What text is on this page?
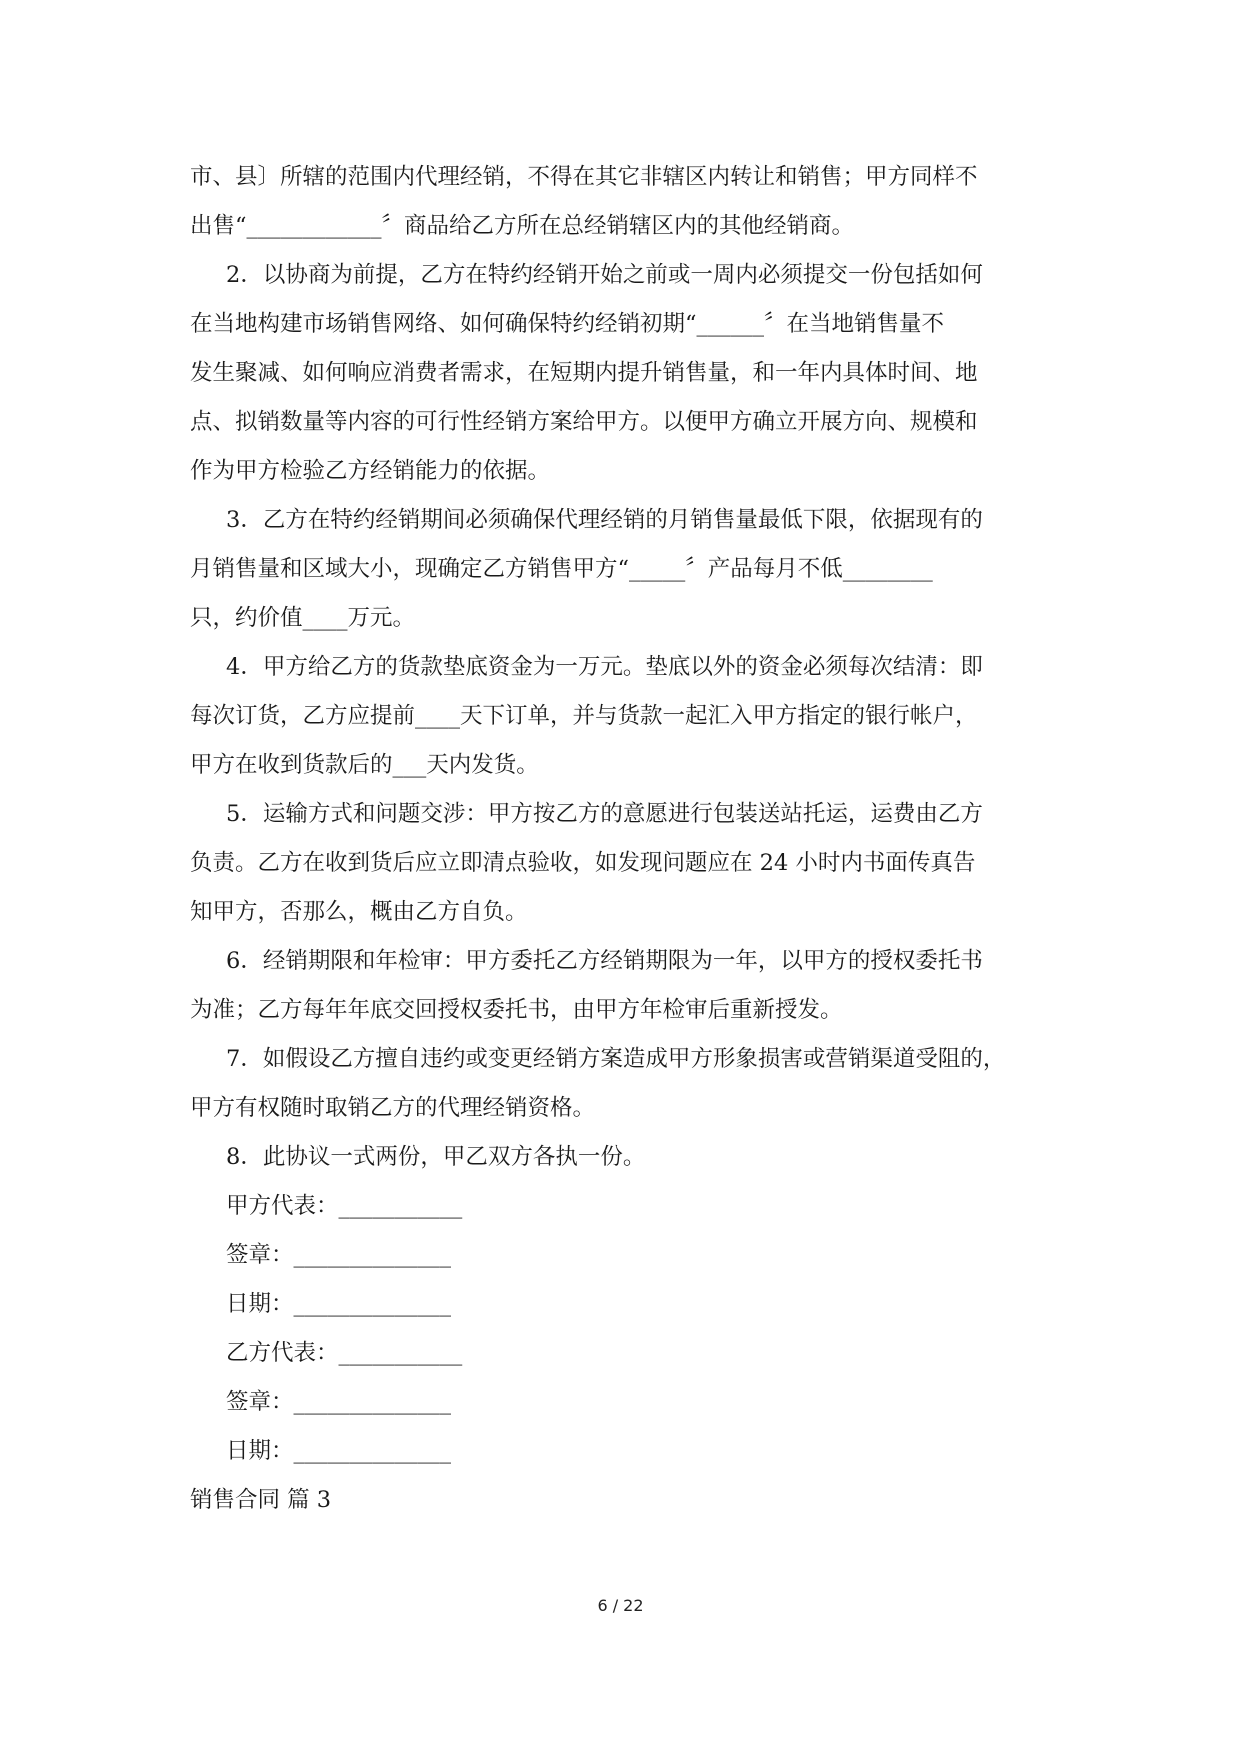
市、县〕所辖的范围内代理经销，不得在其它非辖区内转让和销售；甲方同样不
出售“____________〞商品给乙方所在总经销辖区内的其他经销商。
2．以协商为前提，乙方在特约经销开始之前或一周内必须提交一份包括如何
在当地构建市场销售网络、如何确保特约经销初期“______〞在当地销售量不
发生聚减、如何响应消费者需求，在短期内提升销售量，和一年内具体时间、地
点、拟销数量等内容的可行性经销方案给甲方。以便甲方确立开展方向、规模和
作为甲方检验乙方经销能力的依据。
3．乙方在特约经销期间必须确保代理经销的月销售量最低下限，依据现有的
月销售量和区域大小，现确定乙方销售甲方“_____〞产品每月不低________
只，约价值____万元。
4．甲方给乙方的货款垫底资金为一万元。垫底以外的资金必须每次结清：即
每次订货，乙方应提前____天下订单，并与货款一起汇入甲方指定的银行帐户，
甲方在收到货款后的___天内发货。
5．运输方式和问题交涉：甲方按乙方的意愿进行包装送站托运，运费由乙方
负责。乙方在收到货后应立即清点验收，如发现问题应在 24 小时内书面传真告
知甲方，否那么，概由乙方自负。
6．经销期限和年检审：甲方委托乙方经销期限为一年，以甲方的授权委托书
为准；乙方每年年底交回授权委托书，由甲方年检审后重新授发。
7．如假设乙方擅自违约或变更经销方案造成甲方形象损害或营销渠道受阻的，
甲方有权随时取销乙方的代理经销资格。
8．此协议一式两份，甲乙双方各执一份。
甲方代表：___________
签章：______________
日期：______________
乙方代表：___________
签章：______________
日期：______________
销售合同 篇 3
6 / 22
